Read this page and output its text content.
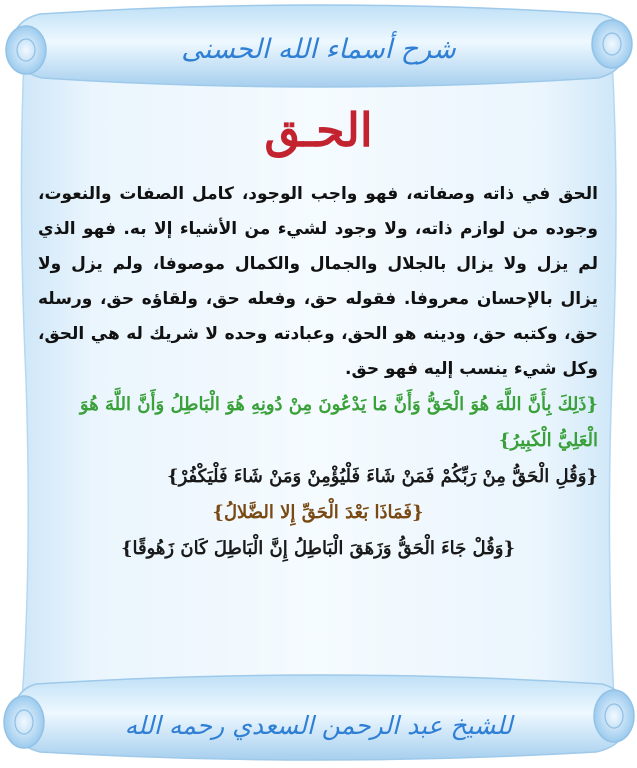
شرح أسماء الله الحسنى
الحـق

الحق في ذاته وصفاته، فهو واجب الوجود، كامل الصفات والنعوت، وجوده من لوازم ذاته، ولا وجود لشيء من الأشياء إلا به. فهو الذي لم يزل ولا يزال بالجلال والجمال والكمال موصوفا، ولم يزل ولا يزال بالإحسان معروفا. فقوله حق، وفعله حق، ولقاؤه حق، ورسله حق، وكتبه حق، ودينه هو الحق، وعبادته وحده لا شريك له هي الحق، وكل شيء ينسب إليه فهو حق.

{ذَلِكَ بِأَنَّ اللَّهَ هُوَ الْحَقُّ وَأَنَّ مَا يَدْعُونَ مِنْ دُونِهِ هُوَ الْبَاطِلُ وَأَنَّ اللَّهَ هُوَ الْعَلِيُّ الْكَبِيرُ}

{وَقُلِ الْحَقُّ مِنْ رَبِّكُمْ فَمَنْ شَاءَ فَلْيُؤْمِنْ وَمَنْ شَاءَ فَلْيَكْفُرْ}

{فَمَاذَا بَعْدَ الْحَقِّ إِلا الضَّلالُ}

{وَقُلْ جَاءَ الْحَقُّ وَزَهَقَ الْبَاطِلُ إِنَّ الْبَاطِلَ كَانَ زَهُوقًا}

للشيخ عبد الرحمن السعدي رحمه الله
